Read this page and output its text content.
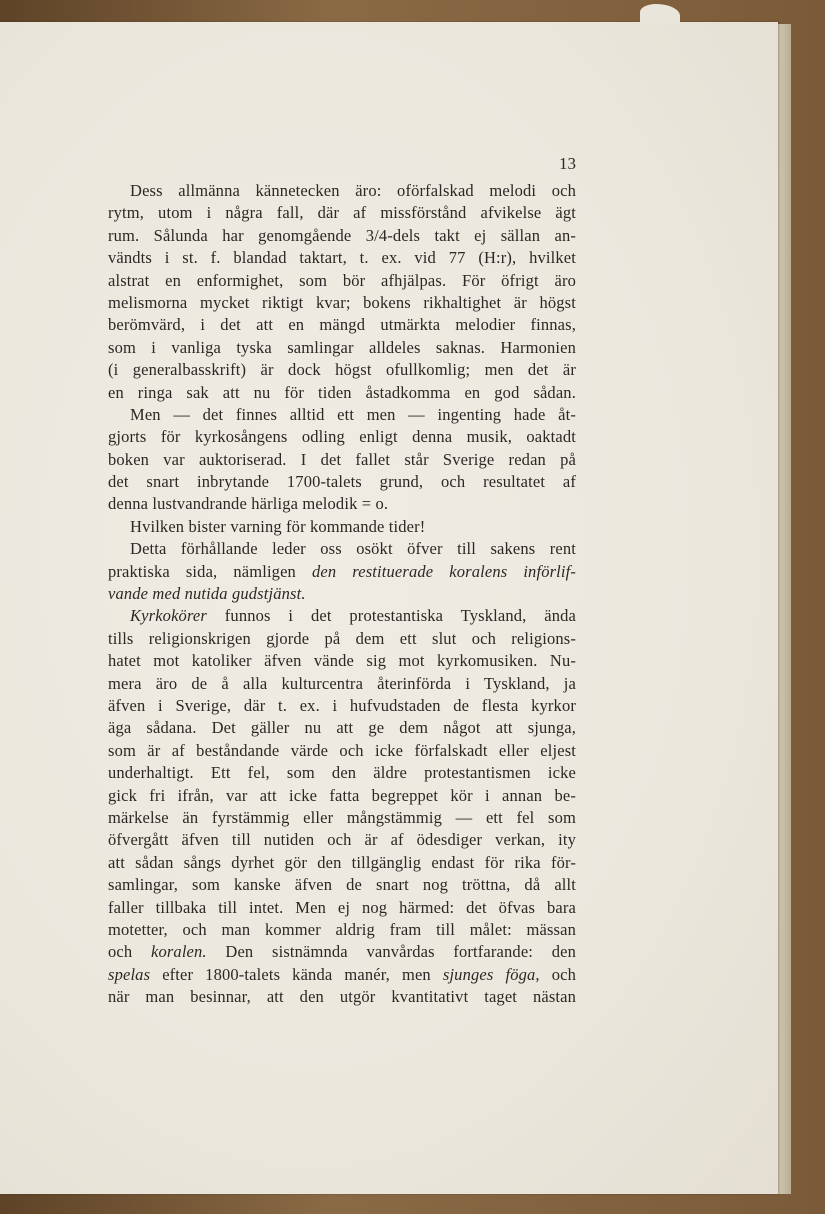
13
Dess allmänna kännetecken äro: oförfalskad melodi och
rytm, utom i några fall, där af missförstånd afvikelse ägt
rum. Sålunda har genomgående 3/4-dels takt ej sällan an-
vändts i st. f. blandad taktart, t. ex. vid 77 (H:r), hvilket
alstrat en enformighet, som bör afhjälpas. För öfrigt äro
melismorna mycket riktigt kvar; bokens rikhaltighet är högst
berömvärd, i det att en mängd utmärkta melodier finnas,
som i vanliga tyska samlingar alldeles saknas. Harmonien
(i generalbasskrift) är dock högst ofullkomlig; men det är
en ringa sak att nu för tiden åstadkomma en god sådan.
Men — det finnes alltid ett men — ingenting hade åt-
gjorts för kyrkosångens odling enligt denna musik, oaktadt
boken var auktoriserad. I det fallet står Sverige redan på
det snart inbrytande 1700-talets grund, och resultatet af
denna lustvandrande härliga melodik = o.
Hvilken bister varning för kommande tider!
Detta förhållande leder oss osökt öfver till sakens rent
praktiska sida, nämligen den restituerade koralens införlif-
vande med nutida gudstjänst.
Kyrkokörer funnos i det protestantiska Tyskland, ända
tills religionskrigen gjorde på dem ett slut och religions-
hatet mot katoliker äfven vände sig mot kyrkomusiken. Nu-
mera äro de å alla kulturcentra återinförda i Tyskland, ja
äfven i Sverige, där t. ex. i hufvudstaden de flesta kyrkor
äga sådana. Det gäller nu att ge dem något att sjunga,
som är af beståndande värde och icke förfalskadt eller eljest
underhaltigt. Ett fel, som den äldre protestantismen icke
gick fri ifrån, var att icke fatta begreppet kör i annan be-
märkelse än fyrstämmig eller mångstämmig — ett fel som
öfvergått äfven till nutiden och är af ödesdiger verkan, ity
att sådan sångs dyrhet gör den tillgänglig endast för rika för-
samlingar, som kanske äfven de snart nog tröttna, då allt
faller tillbaka till intet. Men ej nog härmed: det öfvas bara
motetter, och man kommer aldrig fram till målet: mässan
och koralen. Den sistnämnda vanvårdas fortfarande: den
spelas efter 1800-talets kända manér, men sjunges föga, och
när man besinnar, att den utgör kvantitativt taget nästan
